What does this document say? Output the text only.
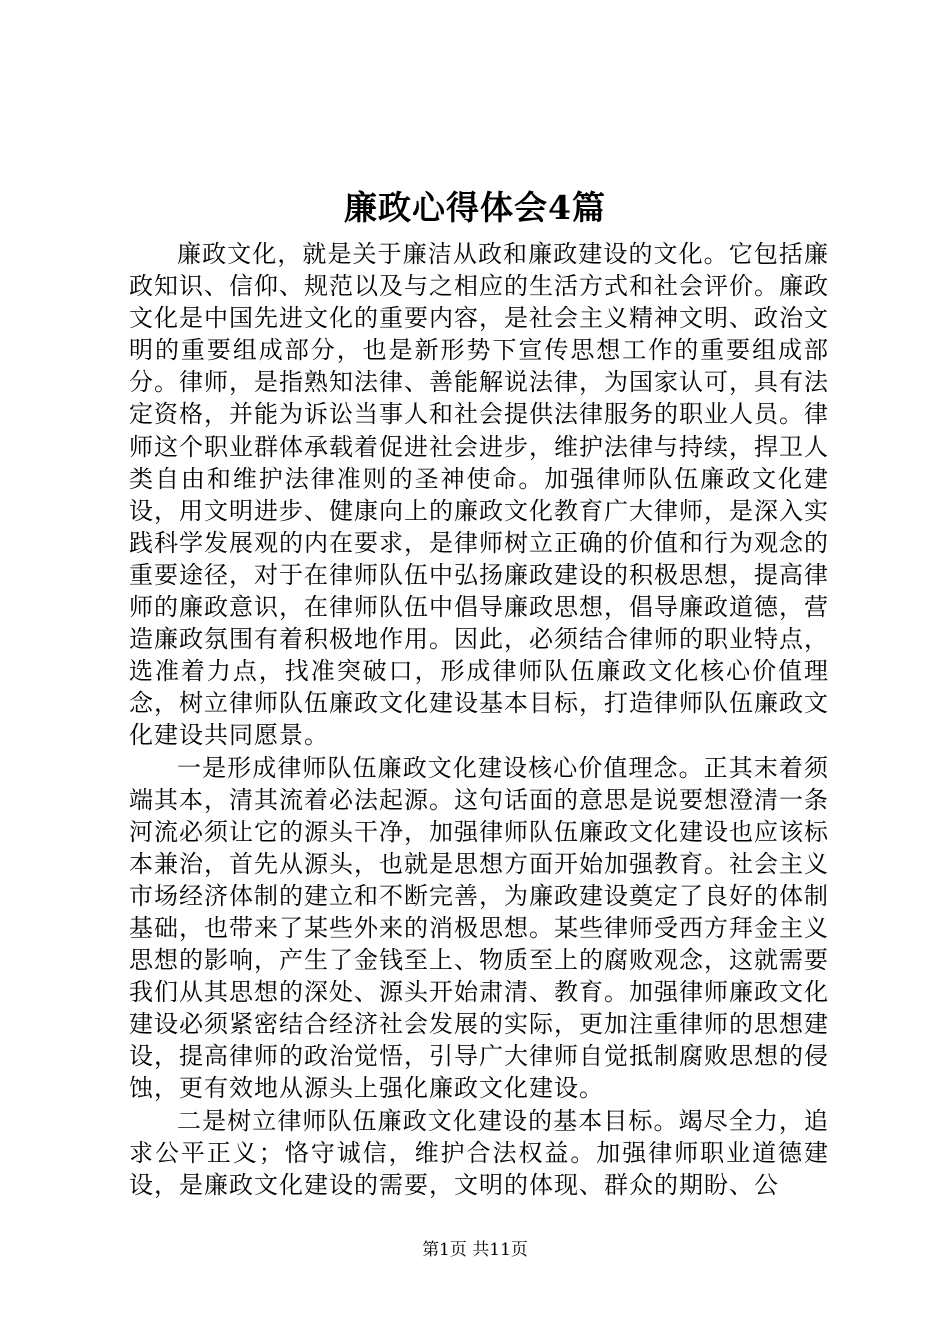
廉政心得体会4篇

廉政文化，就是关于廉洁从政和廉政建设的文化。它包括廉政知识、信仰、规范以及与之相应的生活方式和社会评价。廉政文化是中国先进文化的重要内容，是社会主义精神文明、政治文明的重要组成部分，也是新形势下宣传思想工作的重要组成部分。律师，是指熟知法律、善能解说法律，为国家认可，具有法定资格，并能为诉讼当事人和社会提供法律服务的职业人员。律师这个职业群体承载着促进社会进步，维护法律与持续，捍卫人类自由和维护法律准则的圣神使命。加强律师队伍廉政文化建设，用文明进步、健康向上的廉政文化教育广大律师，是深入实践科学发展观的内在要求，是律师树立正确的价值和行为观念的重要途径，对于在律师队伍中弘扬廉政建设的积极思想，提高律师的廉政意识，在律师队伍中倡导廉政思想，倡导廉政道德，营造廉政氛围有着积极地作用。因此，必须结合律师的职业特点，选准着力点，找准突破口，形成律师队伍廉政文化核心价值理念，树立律师队伍廉政文化建设基本目标，打造律师队伍廉政文化建设共同愿景。

一是形成律师队伍廉政文化建设核心价值理念。正其末着须端其本，清其流着必法起源。这句话面的意思是说要想澄清一条河流必须让它的源头干净，加强律师队伍廉政文化建设也应该标本兼治，首先从源头，也就是思想方面开始加强教育。社会主义市场经济体制的建立和不断完善，为廉政建设奠定了良好的体制基础，也带来了某些外来的消极思想。某些律师受西方拜金主义思想的影响，产生了金钱至上、物质至上的腐败观念，这就需要我们从其思想的深处、源头开始肃清、教育。加强律师廉政文化建设必须紧密结合经济社会发展的实际，更加注重律师的思想建设，提高律师的政治觉悟，引导广大律师自觉抵制腐败思想的侵蚀，更有效地从源头上强化廉政文化建设。

二是树立律师队伍廉政文化建设的基本目标。竭尽全力，追求公平正义；恪守诚信，维护合法权益。加强律师职业道德建设，是廉政文化建设的需要，文明的体现、群众的期盼、公

第1页 共11页
